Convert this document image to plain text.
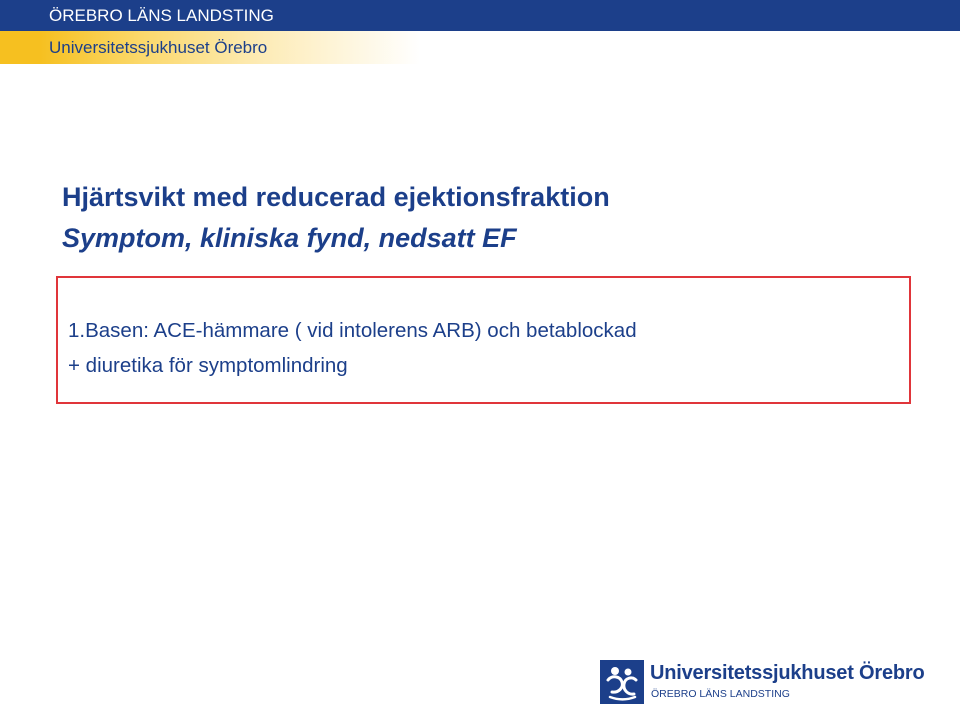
ÖREBRO LÄNS LANDSTING
Universitetssjukhuset Örebro
Hjärtsvikt med reducerad ejektionsfraktion
Symptom, kliniska fynd, nedsatt EF
1.Basen: ACE-hämmare ( vid intolerens ARB) och betablockad
+ diuretika för symptomlindring
Universitetssjukhuset Örebro
ÖREBRO LÄNS LANDSTING
